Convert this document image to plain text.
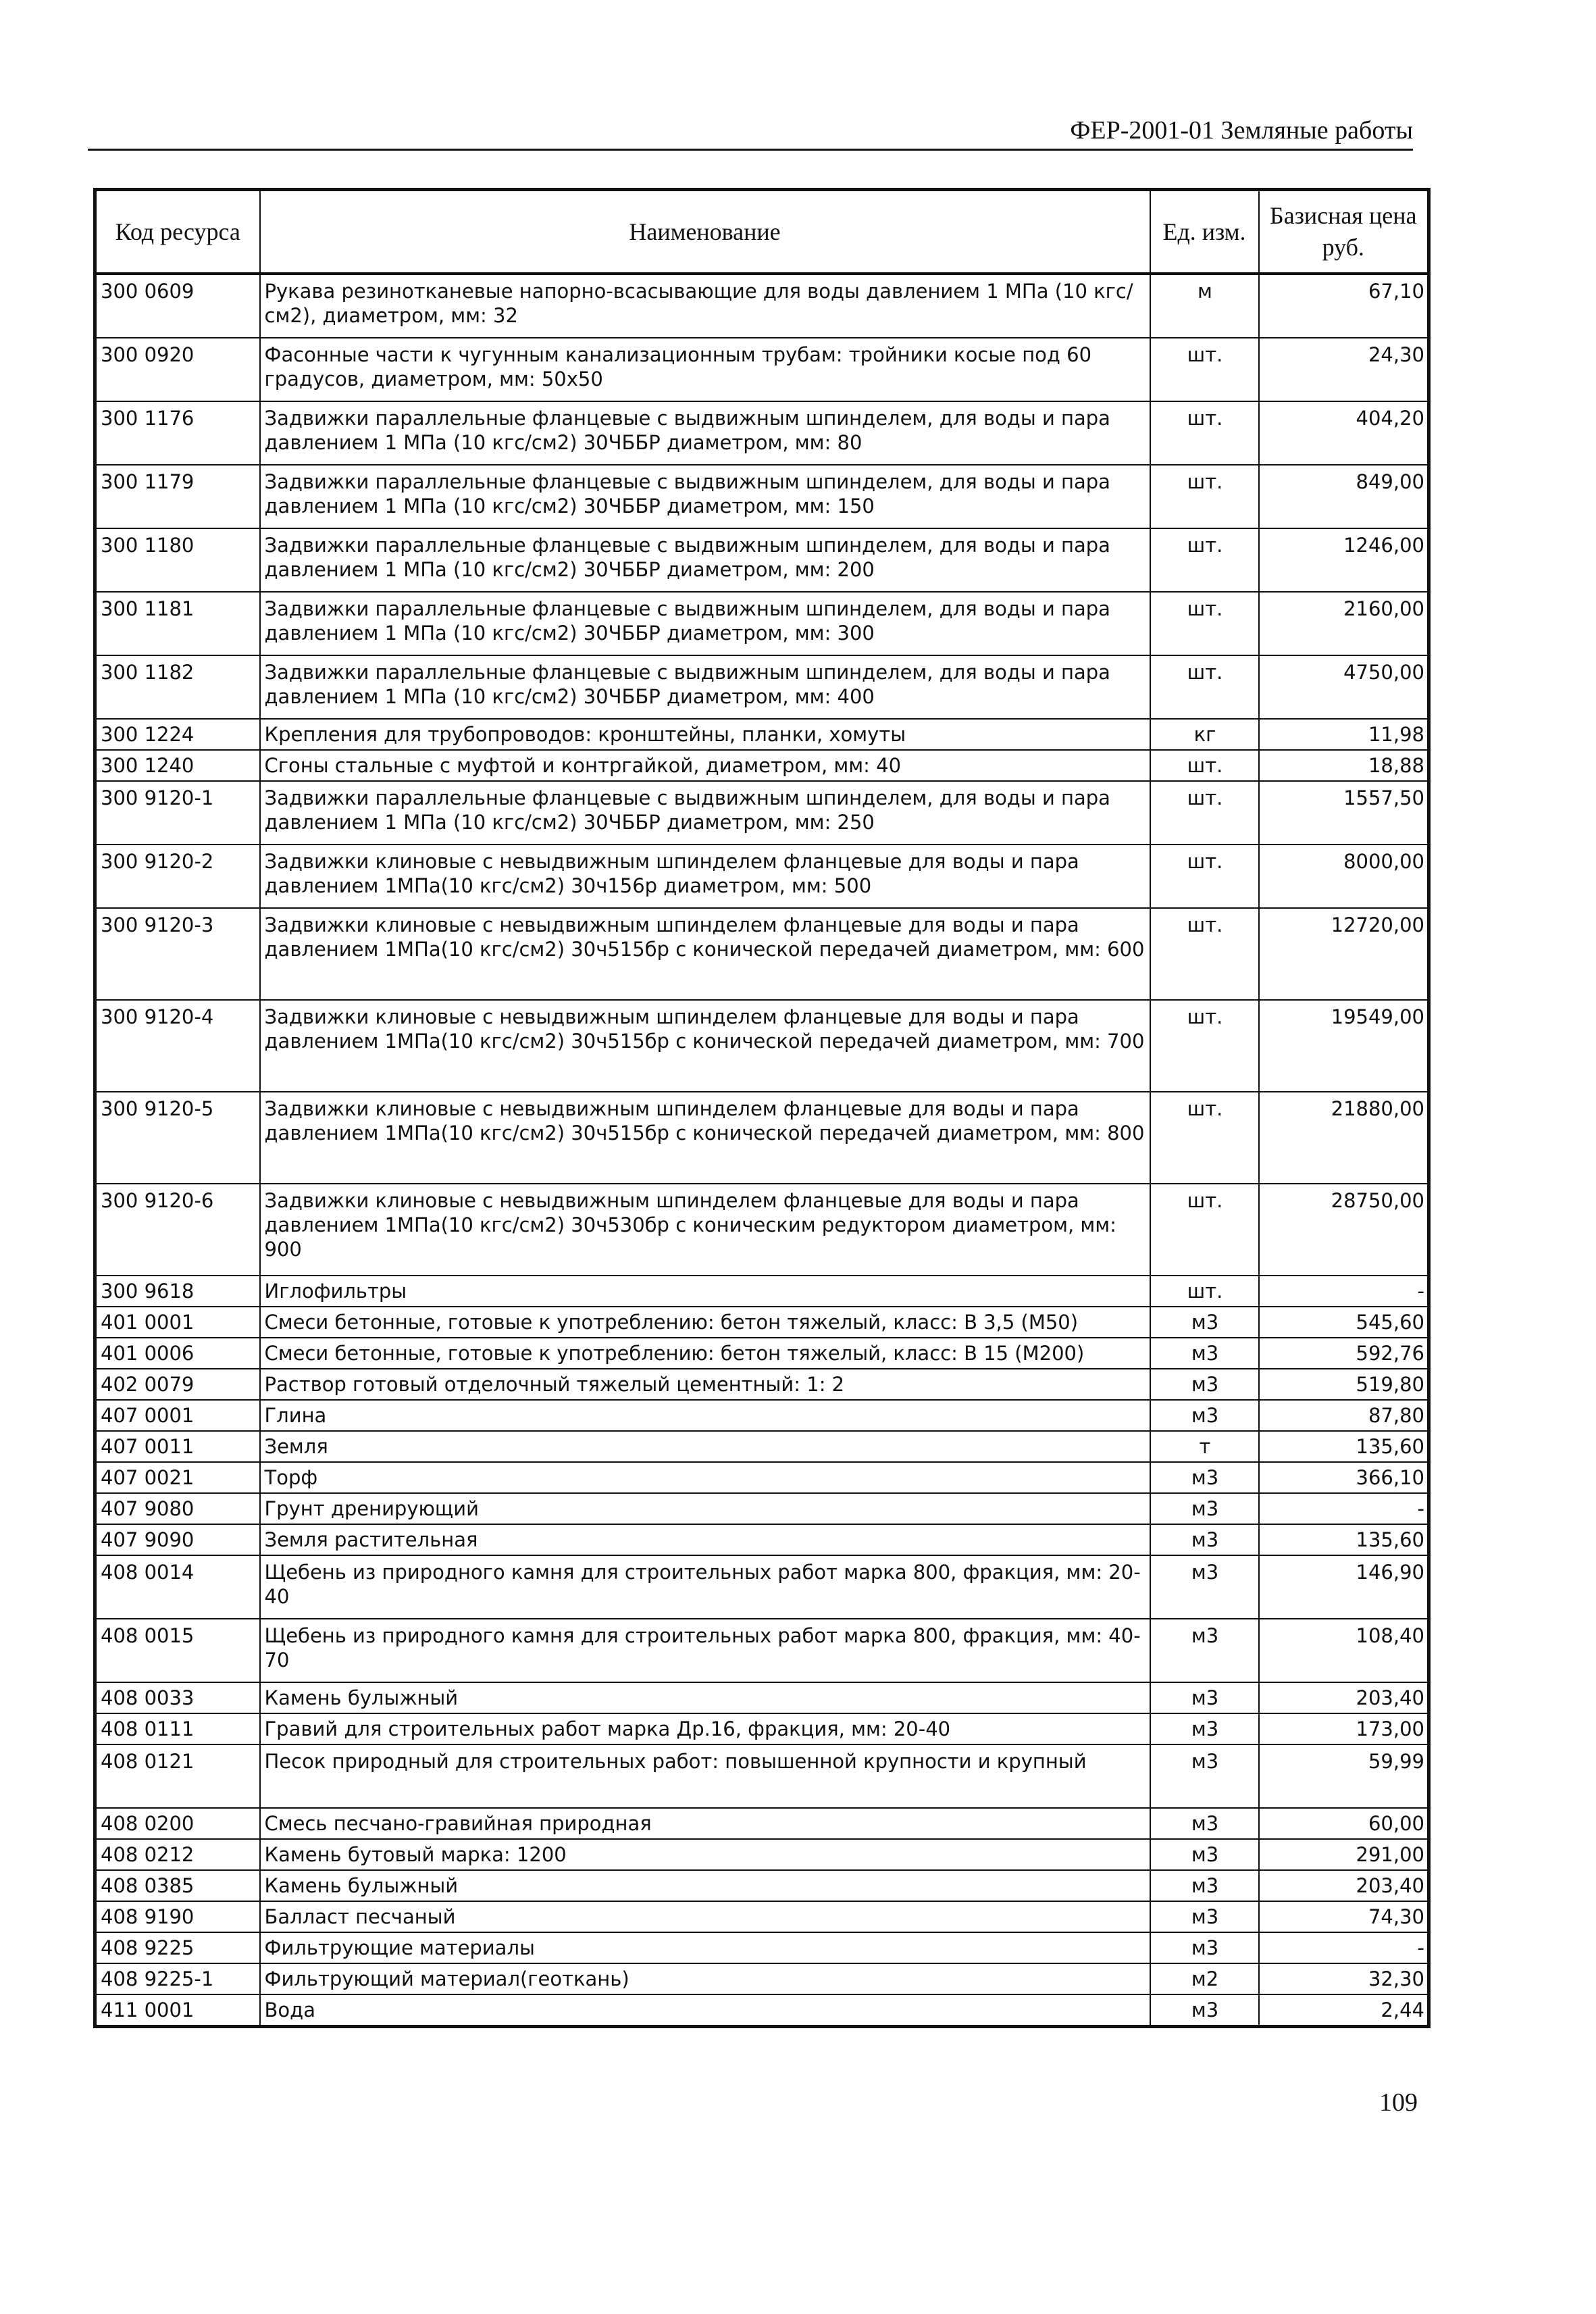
ФЕР-2001-01 Земляные работы
Код ресурса	Наименование	Ед. изм.	Базисная цена руб.
300 0609	Рукава резинотканевые напорно-всасывающие для воды давлением 1 МПа (10 кгс/см2), диаметром, мм: 32	м	67,10
300 0920	Фасонные части к чугунным канализационным трубам: тройники косые под 60 градусов, диаметром, мм: 50х50	шт.	24,30
300 1176	Задвижки параллельные фланцевые с выдвижным шпинделем, для воды и пара давлением 1 МПа (10 кгс/см2) 30ЧББР диаметром, мм: 80	шт.	404,20
300 1179	Задвижки параллельные фланцевые с выдвижным шпинделем, для воды и пара давлением 1 МПа (10 кгс/см2) 30ЧББР диаметром, мм: 150	шт.	849,00
300 1180	Задвижки параллельные фланцевые с выдвижным шпинделем, для воды и пара давлением 1 МПа (10 кгс/см2) 30ЧББР диаметром, мм: 200	шт.	1246,00
300 1181	Задвижки параллельные фланцевые с выдвижным шпинделем, для воды и пара давлением 1 МПа (10 кгс/см2) 30ЧББР диаметром, мм: 300	шт.	2160,00
300 1182	Задвижки параллельные фланцевые с выдвижным шпинделем, для воды и пара давлением 1 МПа (10 кгс/см2) 30ЧББР диаметром, мм: 400	шт.	4750,00
300 1224	Крепления для трубопроводов: кронштейны, планки, хомуты	кг	11,98
300 1240	Сгоны стальные с муфтой и контргайкой, диаметром, мм: 40	шт.	18,88
300 9120-1	Задвижки параллельные фланцевые с выдвижным шпинделем, для воды и пара давлением 1 МПа (10 кгс/см2) 30ЧББР диаметром, мм: 250	шт.	1557,50
300 9120-2	Задвижки клиновые с невыдвижным шпинделем фланцевые для воды и пара давлением 1МПа(10 кгс/см2) 30ч156р диаметром, мм: 500	шт.	8000,00
300 9120-3	Задвижки клиновые с невыдвижным шпинделем фланцевые для воды и пара давлением 1МПа(10 кгс/см2) 30ч515бр с конической передачей диаметром, мм: 600	шт.	12720,00
300 9120-4	Задвижки клиновые с невыдвижным шпинделем фланцевые для воды и пара давлением 1МПа(10 кгс/см2) 30ч515бр с конической передачей диаметром, мм: 700	шт.	19549,00
300 9120-5	Задвижки клиновые с невыдвижным шпинделем фланцевые для воды и пара давлением 1МПа(10 кгс/см2) 30ч515бр с конической передачей диаметром, мм: 800	шт.	21880,00
300 9120-6	Задвижки клиновые с невыдвижным шпинделем фланцевые для воды и пара давлением 1МПа(10 кгс/см2) 30ч530бр с коническим редуктором диаметром, мм: 900	шт.	28750,00
300 9618	Иглофильтры	шт.	-
401 0001	Смеси бетонные, готовые к употреблению: бетон тяжелый, класс: В 3,5 (М50)	м3	545,60
401 0006	Смеси бетонные, готовые к употреблению: бетон тяжелый, класс: В 15 (М200)	м3	592,76
402 0079	Раствор готовый отделочный тяжелый цементный: 1: 2	м3	519,80
407 0001	Глина	м3	87,80
407 0011	Земля	т	135,60
407 0021	Торф	м3	366,10
407 9080	Грунт дренирующий	м3	-
407 9090	Земля растительная	м3	135,60
408 0014	Щебень из природного камня для строительных работ марка 800, фракция, мм: 20-40	м3	146,90
408 0015	Щебень из природного камня для строительных работ марка 800, фракция, мм: 40-70	м3	108,40
408 0033	Камень булыжный	м3	203,40
408 0111	Гравий для строительных работ марка Др.16, фракция, мм: 20-40	м3	173,00
408 0121	Песок природный для строительных работ: повышенной крупности и крупный	м3	59,99
408 0200	Смесь песчано-гравийная природная	м3	60,00
408 0212	Камень бутовый марка: 1200	м3	291,00
408 0385	Камень булыжный	м3	203,40
408 9190	Балласт песчаный	м3	74,30
408 9225	Фильтрующие материалы	м3	-
408 9225-1	Фильтрующий материал(геоткань)	м2	32,30
411 0001	Вода	м3	2,44
109
